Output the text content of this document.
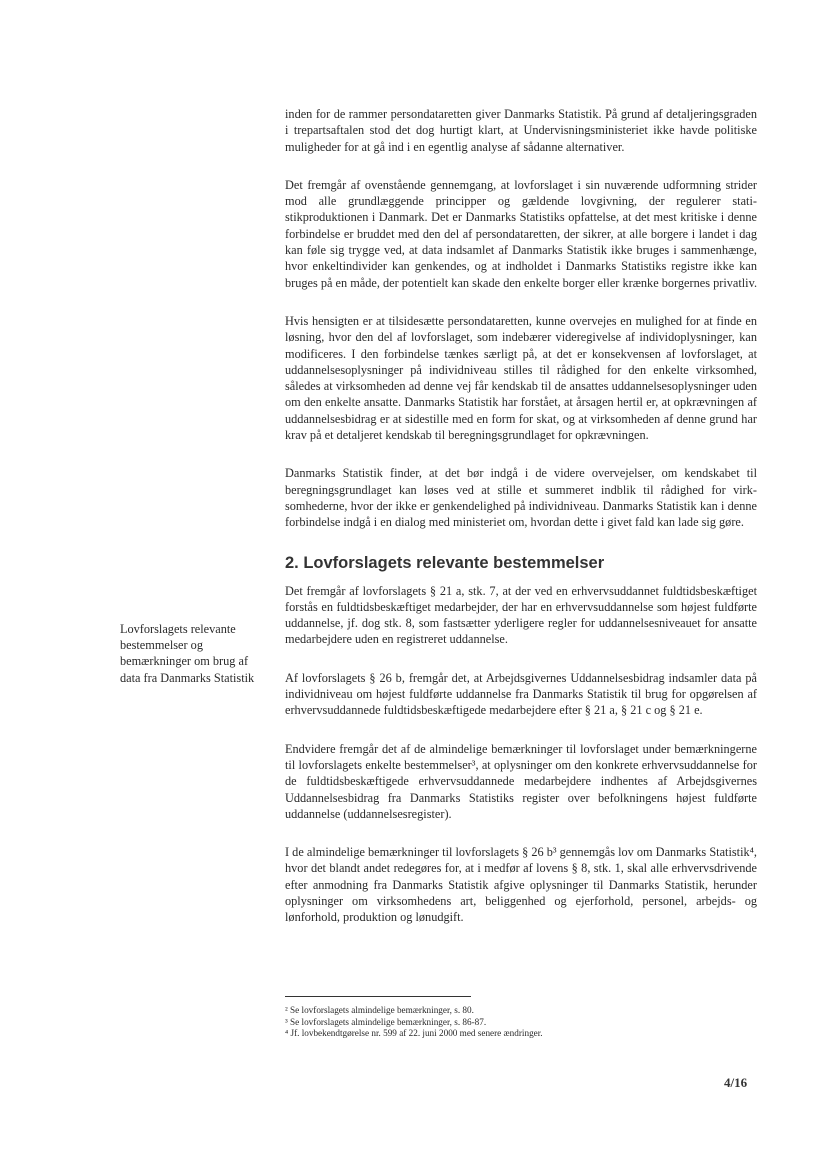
inden for de rammer persondataretten giver Danmarks Statistik. På grund af detaljeringsgraden i trepartsaftalen stod det dog hurtigt klart, at Undervisningsministeriet ikke havde politiske muligheder for at gå ind i en egentlig analyse af sådanne alternativer.

Det fremgår af ovenstående gennemgang, at lovforslaget i sin nuværende udformning strider mod alle grundlæggende principper og gældende lovgivning, der regulerer statistikproduktionen i Danmark. Det er Danmarks Statistiks opfattelse, at det mest kritiske i denne forbindelse er bruddet med den del af persondataretten, der sikrer, at alle borgere i landet i dag kan føle sig trygge ved, at data indsamlet af Danmarks Statistik ikke bruges i sammenhænge, hvor enkeltindivider kan genkendes, og at indholdet i Danmarks Statistiks registre ikke kan bruges på en måde, der potentielt kan skade den enkelte borger eller krænke borgernes privatliv.

Hvis hensigten er at tilsidesætte persondataretten, kunne overvejes en mulighed for at finde en løsning, hvor den del af lovforslaget, som indebærer videregivelse af individoplysninger, kan modificeres. I den forbindelse tænkes særligt på, at det er konsekvensen af lovforslaget, at uddannelsesoplysninger på individniveau stilles til rådighed for den enkelte virksomhed, således at virksomheden ad denne vej får kendskab til de ansattes uddannelsesoplysninger uden om den enkelte ansatte. Danmarks Statistik har forstået, at årsagen hertil er, at opkrævningen af uddannelsesbidrag er at sidestille med en form for skat, og at virksomheden af denne grund har krav på et detaljeret kendskab til beregningsgrundlaget for opkrævningen.

Danmarks Statistik finder, at det bør indgå i de videre overvejelser, om kendskabet til beregningsgrundlaget kan løses ved at stille et summeret indblik til rådighed for virksomhederne, hvor der ikke er genkendelighed på individniveau. Danmarks Statistik kan i denne forbindelse indgå i en dialog med ministeriet om, hvordan dette i givet fald kan lade sig gøre.

2. Lovforslagets relevante bestemmelser

Det fremgår af lovforslagets § 21 a, stk. 7, at der ved en erhvervsuddannet fuldtidsbeskæftiget forstås en fuldtidsbeskæftiget medarbejder, der har en erhvervsuddannelse som højest fuldførte uddannelse, jf. dog stk. 8, som fastsætter yderligere regler for uddannelsesniveauet for ansatte medarbejdere uden en registreret uddannelse.

Af lovforslagets § 26 b, fremgår det, at Arbejdsgivernes Uddannelsesbidrag indsamler data på individniveau om højest fuldførte uddannelse fra Danmarks Statistik til brug for opgørelsen af erhvervsuddannede fuldtidsbeskæftigede medarbejdere efter § 21 a, § 21 c og § 21 e.

Endvidere fremgår det af de almindelige bemærkninger til lovforslaget under bemærkningerne til lovforslagets enkelte bestemmelser³, at oplysninger om den konkrete erhvervsuddannelse for de fuldtidsbeskæftigede erhvervsuddannede medarbejdere indhentes af Arbejdsgivernes Uddannelsesbidrag fra Danmarks Statistiks register over befolkningens højest fuldførte uddannelse (uddannelsesregister).

I de almindelige bemærkninger til lovforslagets § 26 b³ gennemgås lov om Danmarks Statistik⁴, hvor det blandt andet redegøres for, at i medfør af lovens § 8, stk. 1, skal alle erhvervsdrivende efter anmodning fra Danmarks Statistik afgive oplysninger til Danmarks Statistik, herunder oplysninger om virksomhedens art, beliggenhed og ejerforhold, personel, arbejds- og lønforhold, produktion og lønudgift.

Lovforslagets relevante bestemmelser og bemærkninger om brug af data fra Danmarks Statistik
² Se lovforslagets almindelige bemærkninger, s. 80.
³ Se lovforslagets almindelige bemærkninger, s. 86-87.
⁴ Jf. lovbekendtgørelse nr. 599 af 22. juni 2000 med senere ændringer.
4/16
